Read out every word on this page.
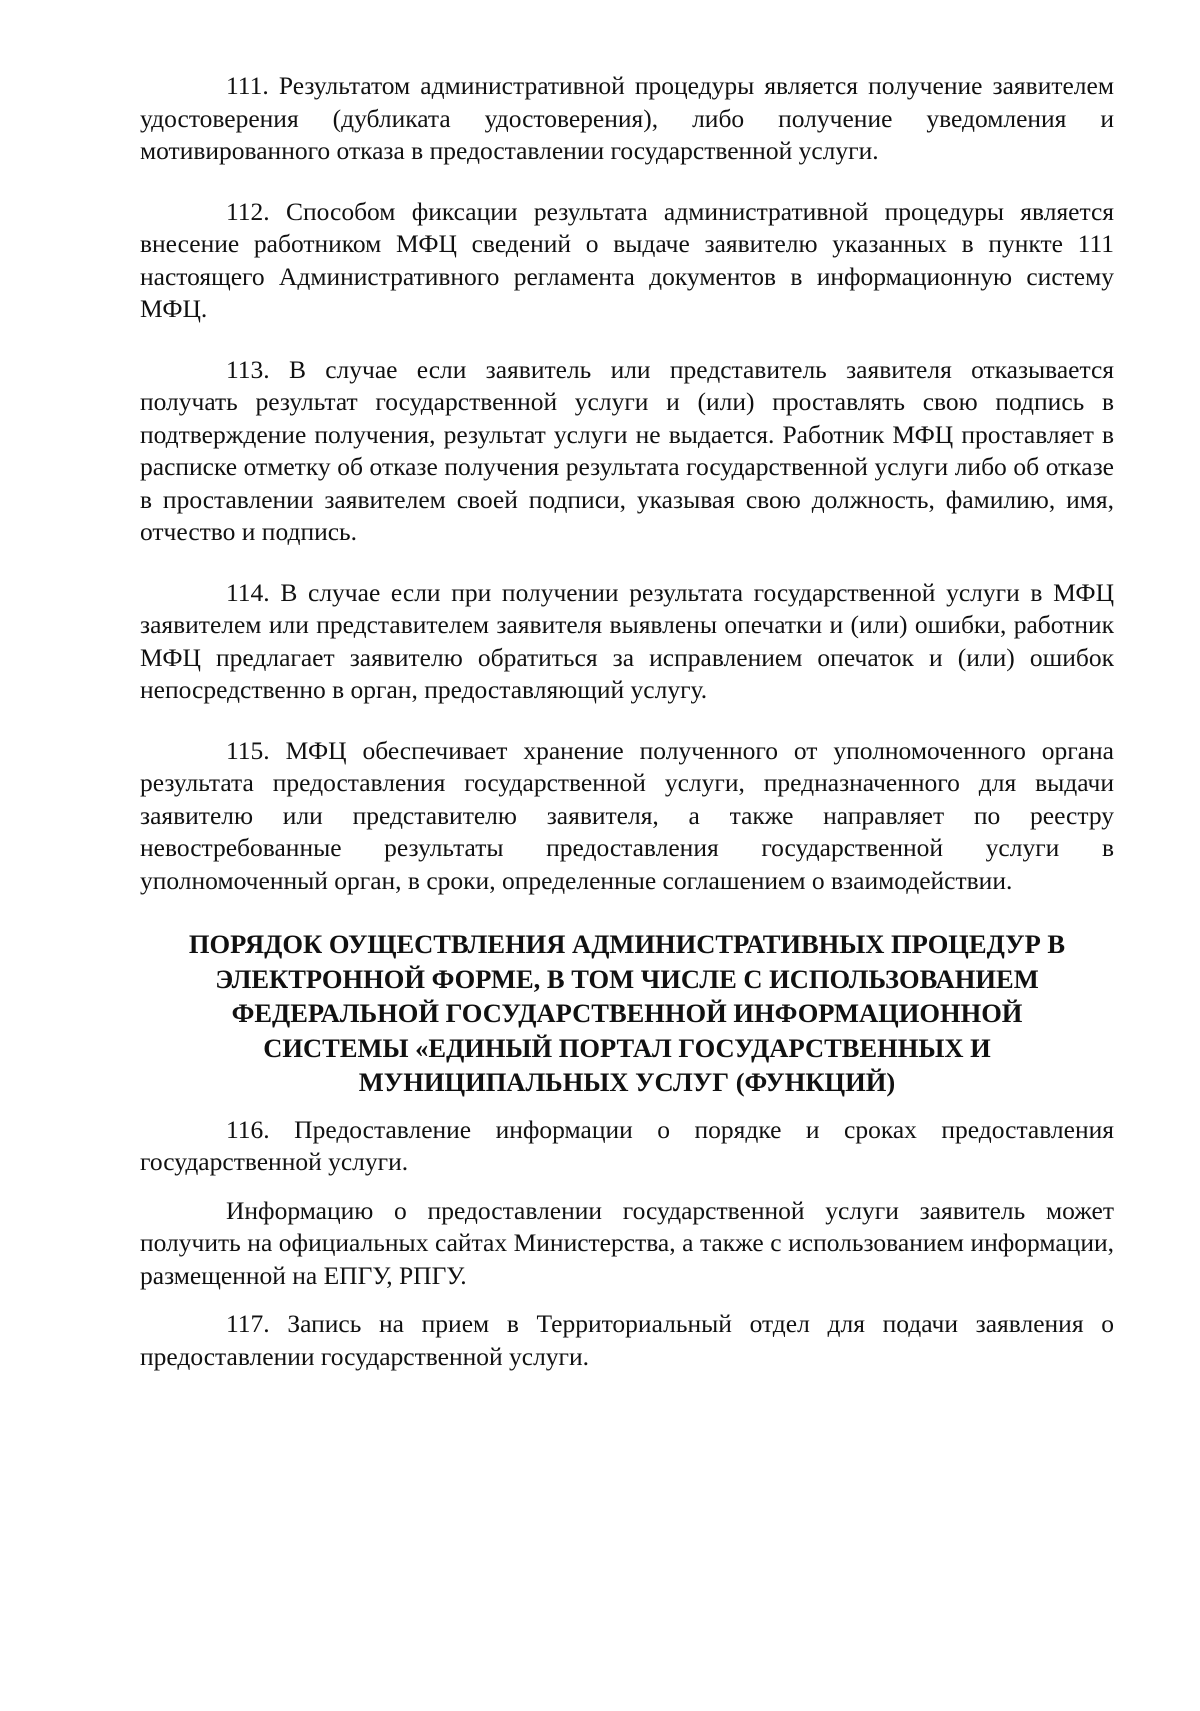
111. Результатом административной процедуры является получение заявителем удостоверения (дубликата удостоверения), либо получение уведомления и мотивированного отказа в предоставлении государственной услуги.

112. Способом фиксации результата административной процедуры является внесение работником МФЦ сведений о выдаче заявителю указанных в пункте 111 настоящего Административного регламента документов в информационную систему МФЦ.

113. В случае если заявитель или представитель заявителя отказывается получать результат государственной услуги и (или) проставлять свою подпись в подтверждение получения, результат услуги не выдается. Работник МФЦ проставляет в расписке отметку об отказе получения результата государственной услуги либо об отказе в проставлении заявителем своей подписи, указывая свою должность, фамилию, имя, отчество и подпись.

114. В случае если при получении результата государственной услуги в МФЦ заявителем или представителем заявителя выявлены опечатки и (или) ошибки, работник МФЦ предлагает заявителю обратиться за исправлением опечаток и (или) ошибок непосредственно в орган, предоставляющий услугу.

115. МФЦ обеспечивает хранение полученного от уполномоченного органа результата предоставления государственной услуги, предназначенного для выдачи заявителю или представителю заявителя, а также направляет по реестру невостребованные результаты предоставления государственной услуги в уполномоченный орган, в сроки, определенные соглашением о взаимодействии.

ПОРЯДОК ОУЩЕСТВЛЕНИЯ АДМИНИСТРАТИВНЫХ ПРОЦЕДУР В
ЭЛЕКТРОННОЙ ФОРМЕ, В ТОМ ЧИСЛЕ С ИСПОЛЬЗОВАНИЕМ
ФЕДЕРАЛЬНОЙ ГОСУДАРСТВЕННОЙ ИНФОРМАЦИОННОЙ
СИСТЕМЫ «ЕДИНЫЙ ПОРТАЛ ГОСУДАРСТВЕННЫХ И
МУНИЦИПАЛЬНЫХ УСЛУГ (ФУНКЦИЙ)

116. Предоставление информации о порядке и сроках предоставления государственной услуги.

Информацию о предоставлении государственной услуги заявитель может получить на официальных сайтах Министерства, а также с использованием информации, размещенной на ЕПГУ, РПГУ.

117. Запись на прием в Территориальный отдел для подачи заявления о предоставлении государственной услуги.
